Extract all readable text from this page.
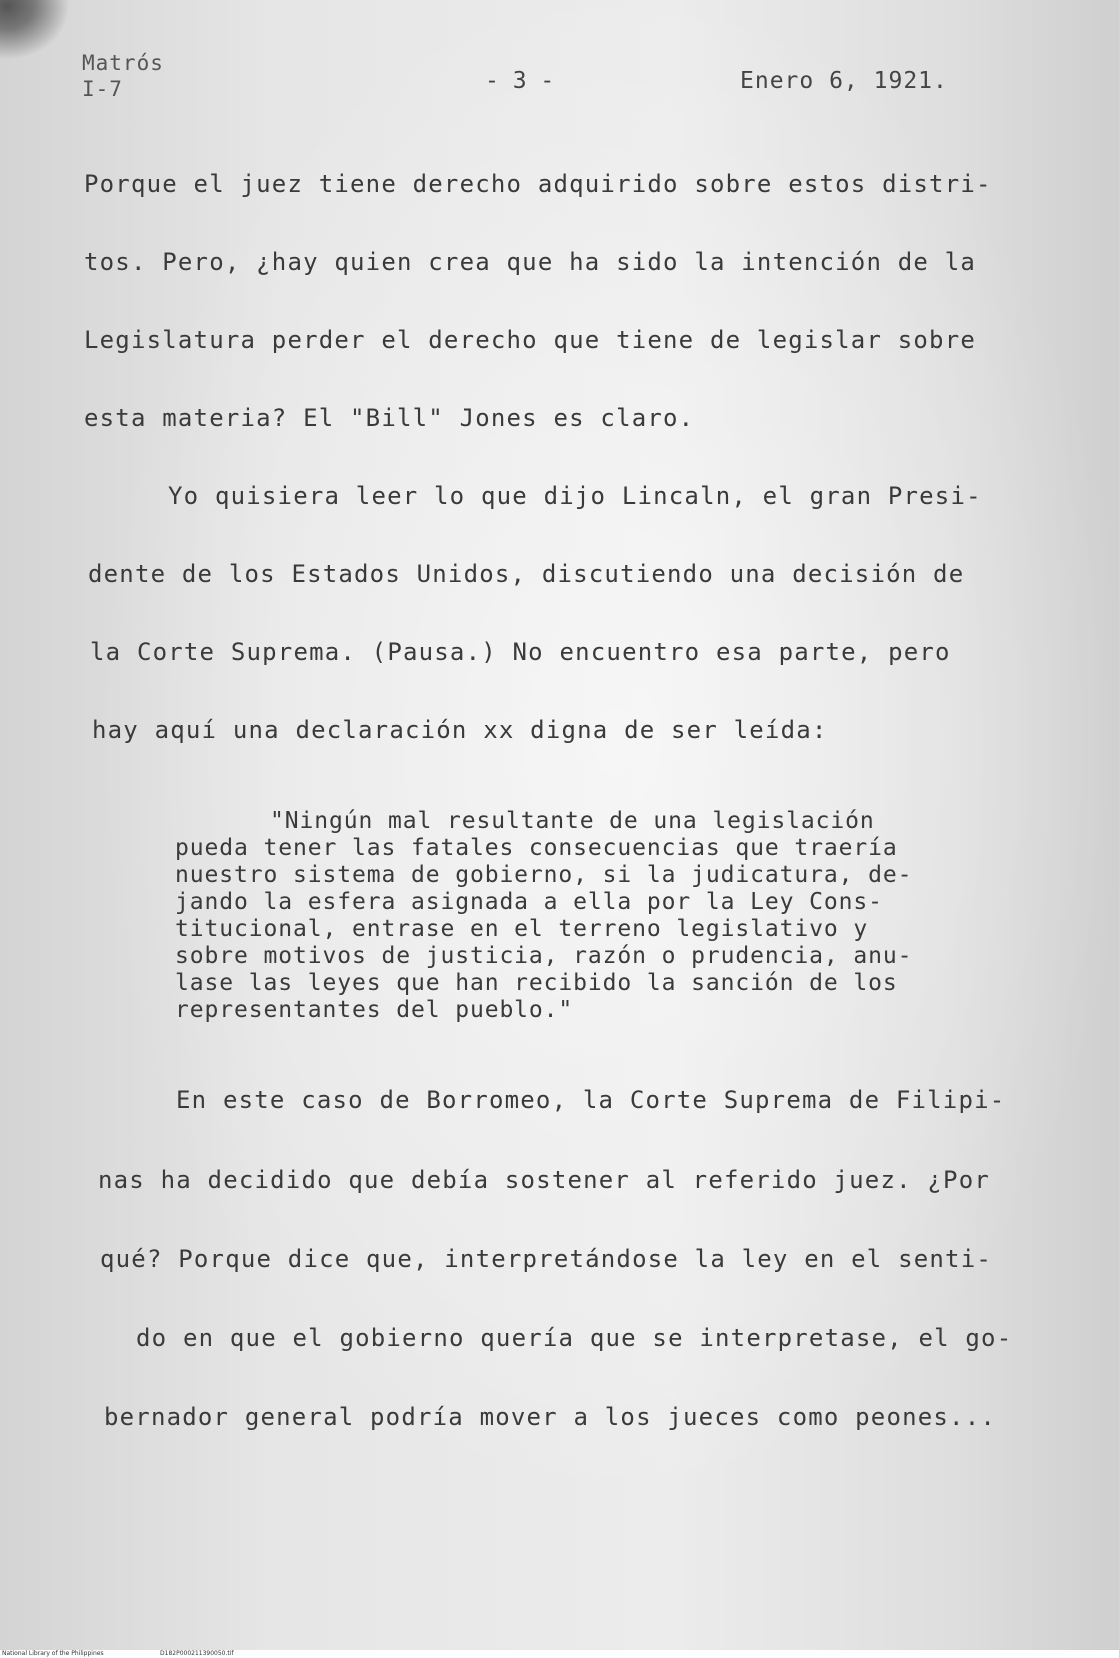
Matrós
I-7	- 3 -	Enero 6, 1921.
Porque el juez tiene derecho adquirido sobre estos distri-
tos. Pero, ¿hay quien crea que ha sido la intención de la
Legislatura perder el derecho que tiene de legislar sobre
esta materia? El "Bill" Jones es claro.
Yo quisiera leer lo que dijo Lincaln, el gran Presi-
dente de los Estados Unidos, discutiendo una decisión de
la Corte Suprema. (Pausa.) No encuentro esa parte, pero
hay aquí una declaración xx digna de ser leída:
"Ningún mal resultante de una legislación
pueda tener las fatales consecuencias que traería
nuestro sistema de gobierno, si la judicatura, de-
jando la esfera asignada a ella por la Ley Cons-
titucional, entrase en el terreno legislativo y
sobre motivos de justicia, razón o prudencia, anu-
lase las leyes que han recibido la sanción de los
representantes del pueblo."
En este caso de Borromeo, la Corte Suprema de Filipi-
nas ha decidido que debía sostener al referido juez. ¿Por
qué? Porque dice que, interpretándose la ley en el senti-
do en que el gobierno quería que se interpretase, el go-
bernador general podría mover a los jueces como peones...
National Library of the Philippines	D182P000211390050.tif
